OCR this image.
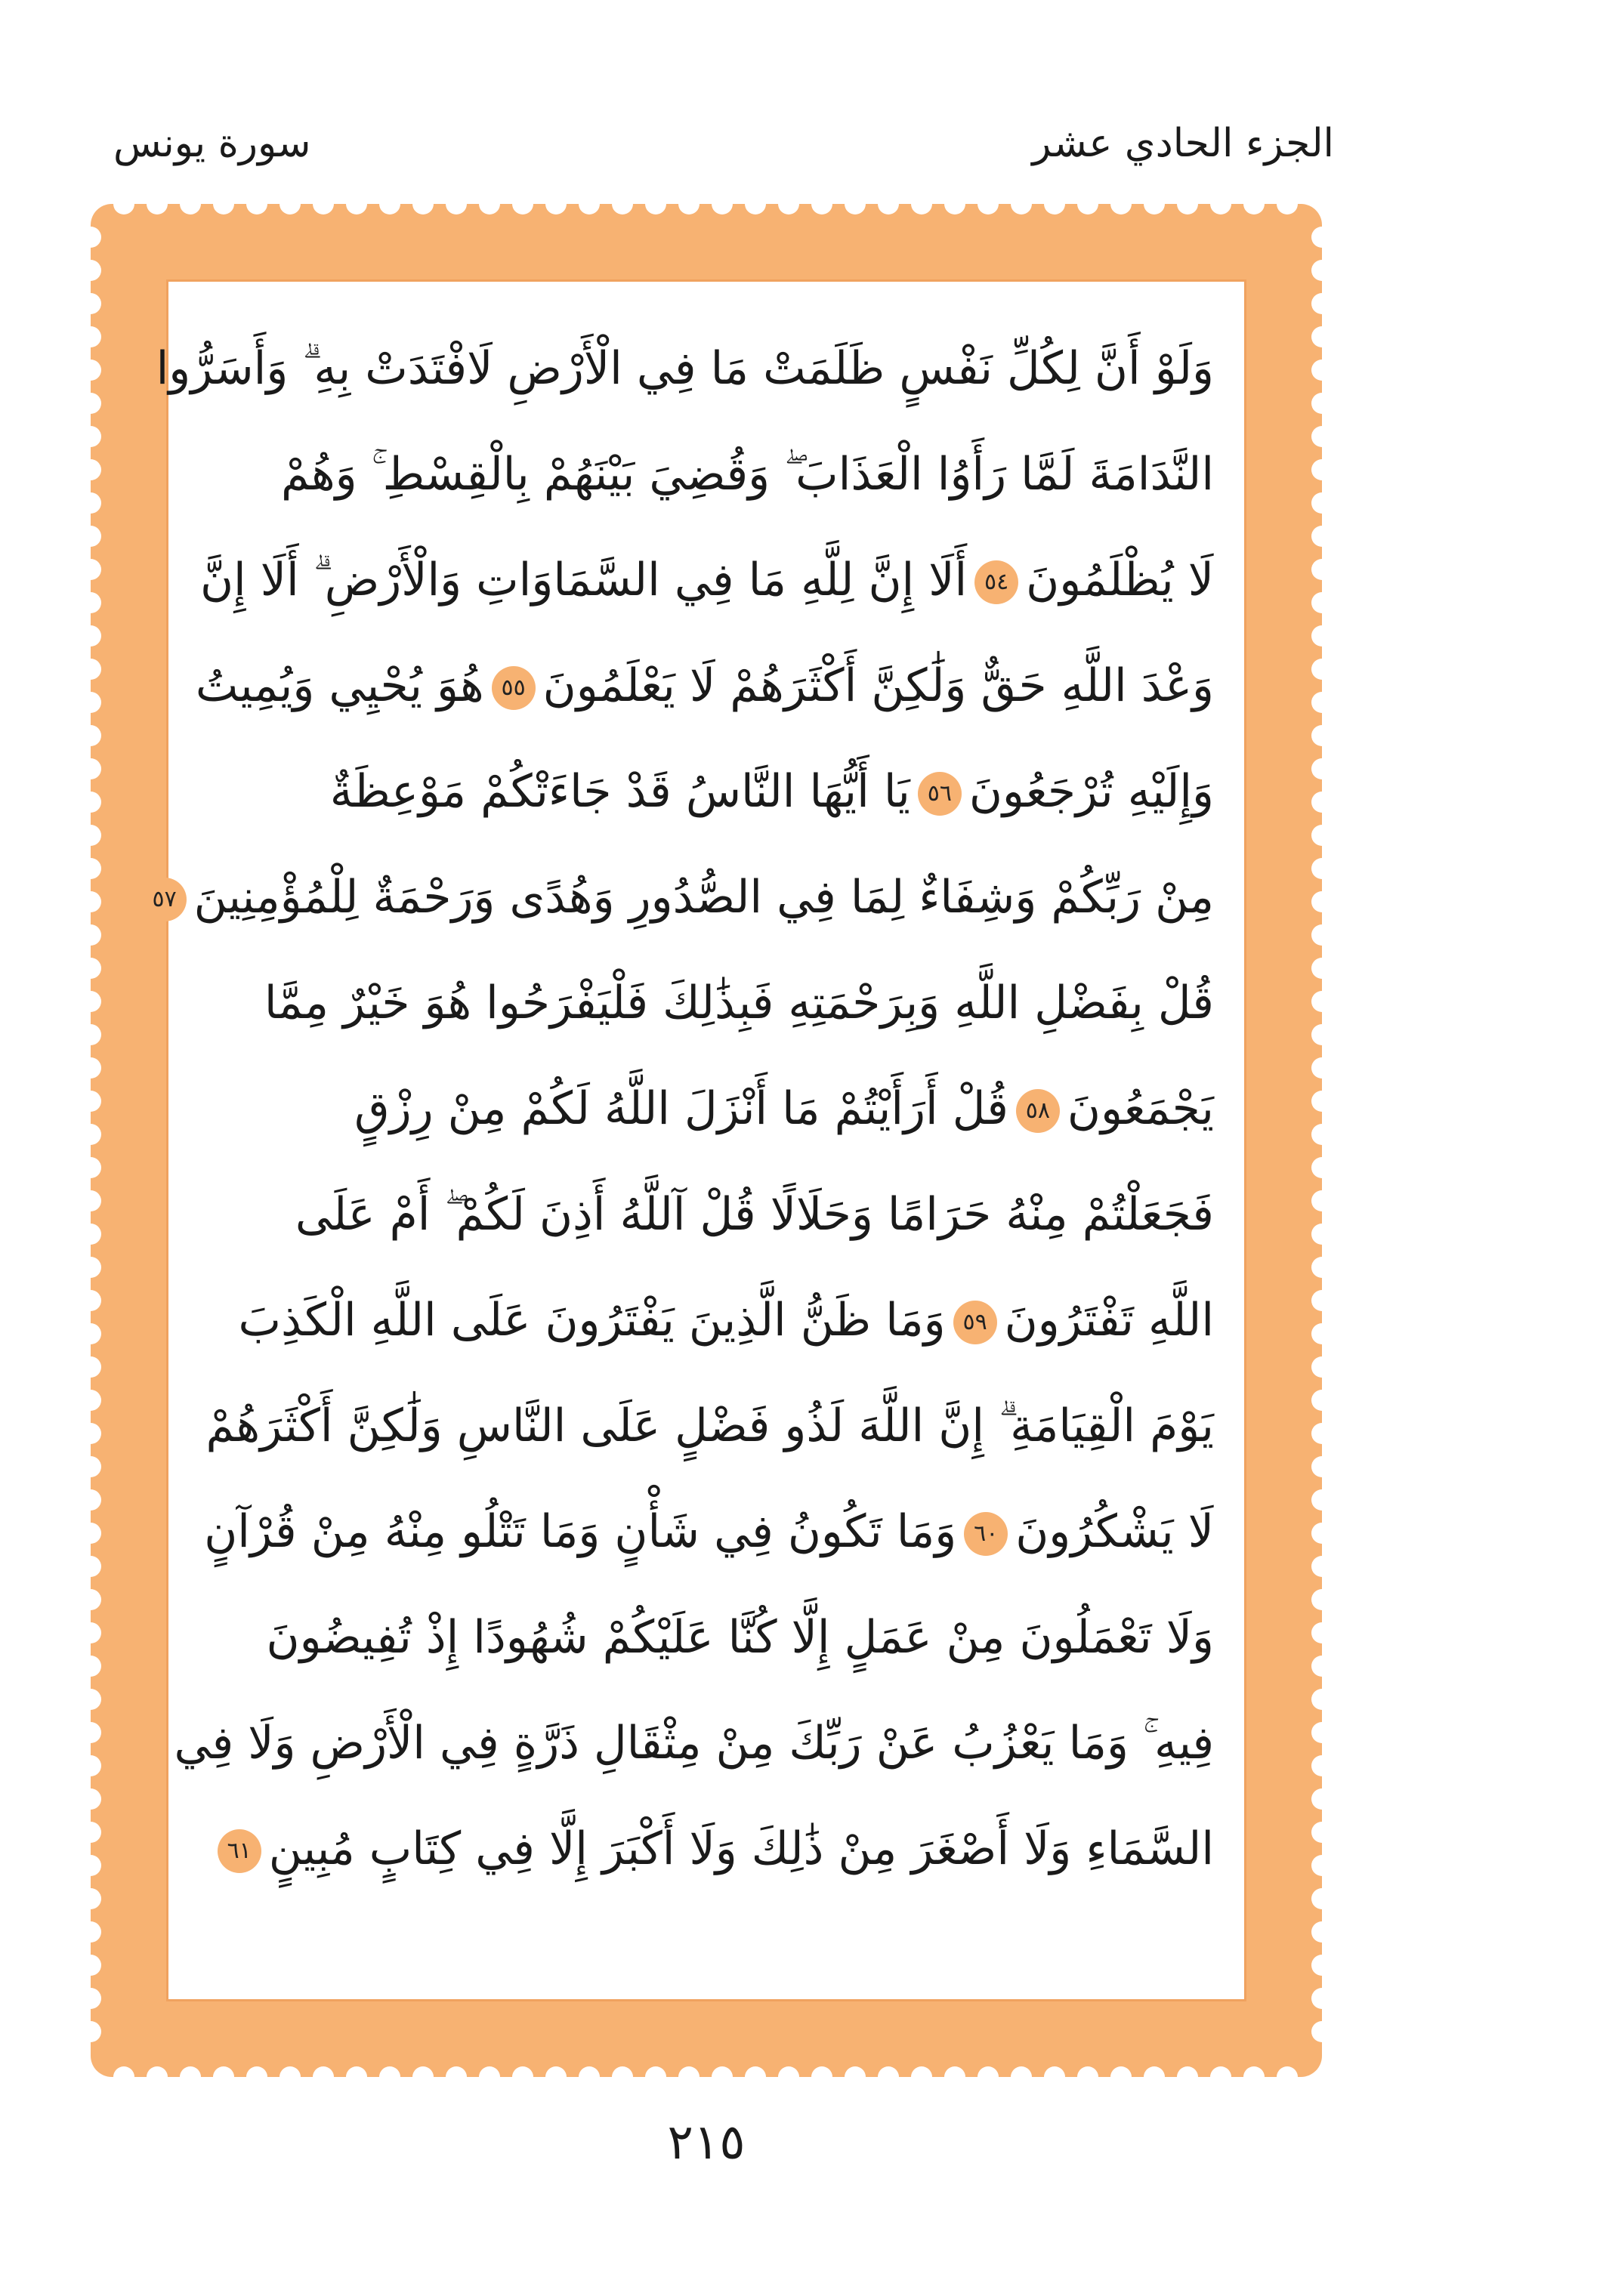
الجزء الحادي عشر
سورة يونس
وَلَوْ أَنَّ لِكُلِّ نَفْسٍ ظَلَمَتْ مَا فِي الْأَرْضِ لَافْتَدَتْ بِهِ ۗ وَأَسَرُّوا
النَّدَامَةَ لَمَّا رَأَوُا الْعَذَابَ ۖ وَقُضِيَ بَيْنَهُمْ بِالْقِسْطِ ۚ وَهُمْ
لَا يُظْلَمُونَ٥٤أَلَا إِنَّ لِلَّهِ مَا فِي السَّمَاوَاتِ وَالْأَرْضِ ۗ أَلَا إِنَّ
وَعْدَ اللَّهِ حَقٌّ وَلَٰكِنَّ أَكْثَرَهُمْ لَا يَعْلَمُونَ٥٥هُوَ يُحْيِي وَيُمِيتُ
وَإِلَيْهِ تُرْجَعُونَ٥٦يَا أَيُّهَا النَّاسُ قَدْ جَاءَتْكُمْ مَوْعِظَةٌ
مِنْ رَبِّكُمْ وَشِفَاءٌ لِمَا فِي الصُّدُورِ وَهُدًى وَرَحْمَةٌ لِلْمُؤْمِنِينَ٥٧
قُلْ بِفَضْلِ اللَّهِ وَبِرَحْمَتِهِ فَبِذَٰلِكَ فَلْيَفْرَحُوا هُوَ خَيْرٌ مِمَّا
يَجْمَعُونَ٥٨قُلْ أَرَأَيْتُمْ مَا أَنْزَلَ اللَّهُ لَكُمْ مِنْ رِزْقٍ
فَجَعَلْتُمْ مِنْهُ حَرَامًا وَحَلَالًا قُلْ آللَّهُ أَذِنَ لَكُمْ ۖ أَمْ عَلَى
اللَّهِ تَفْتَرُونَ٥٩وَمَا ظَنُّ الَّذِينَ يَفْتَرُونَ عَلَى اللَّهِ الْكَذِبَ
يَوْمَ الْقِيَامَةِ ۗ إِنَّ اللَّهَ لَذُو فَضْلٍ عَلَى النَّاسِ وَلَٰكِنَّ أَكْثَرَهُمْ
لَا يَشْكُرُونَ٦٠وَمَا تَكُونُ فِي شَأْنٍ وَمَا تَتْلُو مِنْهُ مِنْ قُرْآنٍ
وَلَا تَعْمَلُونَ مِنْ عَمَلٍ إِلَّا كُنَّا عَلَيْكُمْ شُهُودًا إِذْ تُفِيضُونَ
فِيهِ ۚ وَمَا يَعْزُبُ عَنْ رَبِّكَ مِنْ مِثْقَالِ ذَرَّةٍ فِي الْأَرْضِ وَلَا فِي
السَّمَاءِ وَلَا أَصْغَرَ مِنْ ذَٰلِكَ وَلَا أَكْبَرَ إِلَّا فِي كِتَابٍ مُبِينٍ٦١
٢١٥
